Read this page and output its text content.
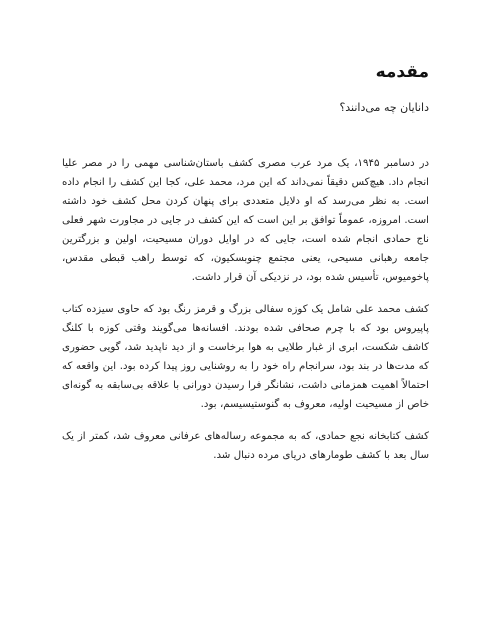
مقدمه

دانایان چه می‌دانند؟

در دسامبر ۱۹۴۵، یک مرد عرب مصری کشف باستان‌شناسی مهمی را در مصر علیا انجام داد. هیچ‌کس دقیقاً نمی‌داند که این مرد، محمد علی، کجا این کشف را انجام داده است. به نظر می‌رسد که او دلایل متعددی برای پنهان کردن محل کشف خود داشته است. امروزه، عموماً توافق بر این است که این کشف در جایی در مجاورت شهر فعلی ناج حمادی انجام شده است، جایی که در اوایل دوران مسیحیت، اولین و بزرگترین جامعه رهبانی مسیحی، یعنی مجتمع چنوبسکیون، که توسط راهب قبطی مقدس، پاخومیوس، تأسیس شده بود، در نزدیکی آن قرار داشت.

کشف محمد علی شامل یک کوزه سفالی بزرگ و قرمز رنگ بود که حاوی سیزده کتاب پاپیروس بود که با چرم صحافی شده بودند. افسانه‌ها می‌گویند وقتی کوزه با کلنگ کاشف شکست، ابری از غبار طلایی به هوا برخاست و از دید ناپدید شد، گویی حضوری که مدت‌ها در بند بود، سرانجام راه خود را به روشنایی روز پیدا کرده بود. این واقعه که احتمالاً اهمیت همزمانی داشت، نشانگر فرا رسیدن دورانی با علاقه بی‌سابقه به گونه‌ای خاص از مسیحیت اولیه، معروف به گنوستیسیسم، بود.

کشف کتابخانه نجع حمادی، که به مجموعه رساله‌های عرفانی معروف شد، کمتر از یک سال بعد با کشف طومارهای دریای مرده دنبال شد.
